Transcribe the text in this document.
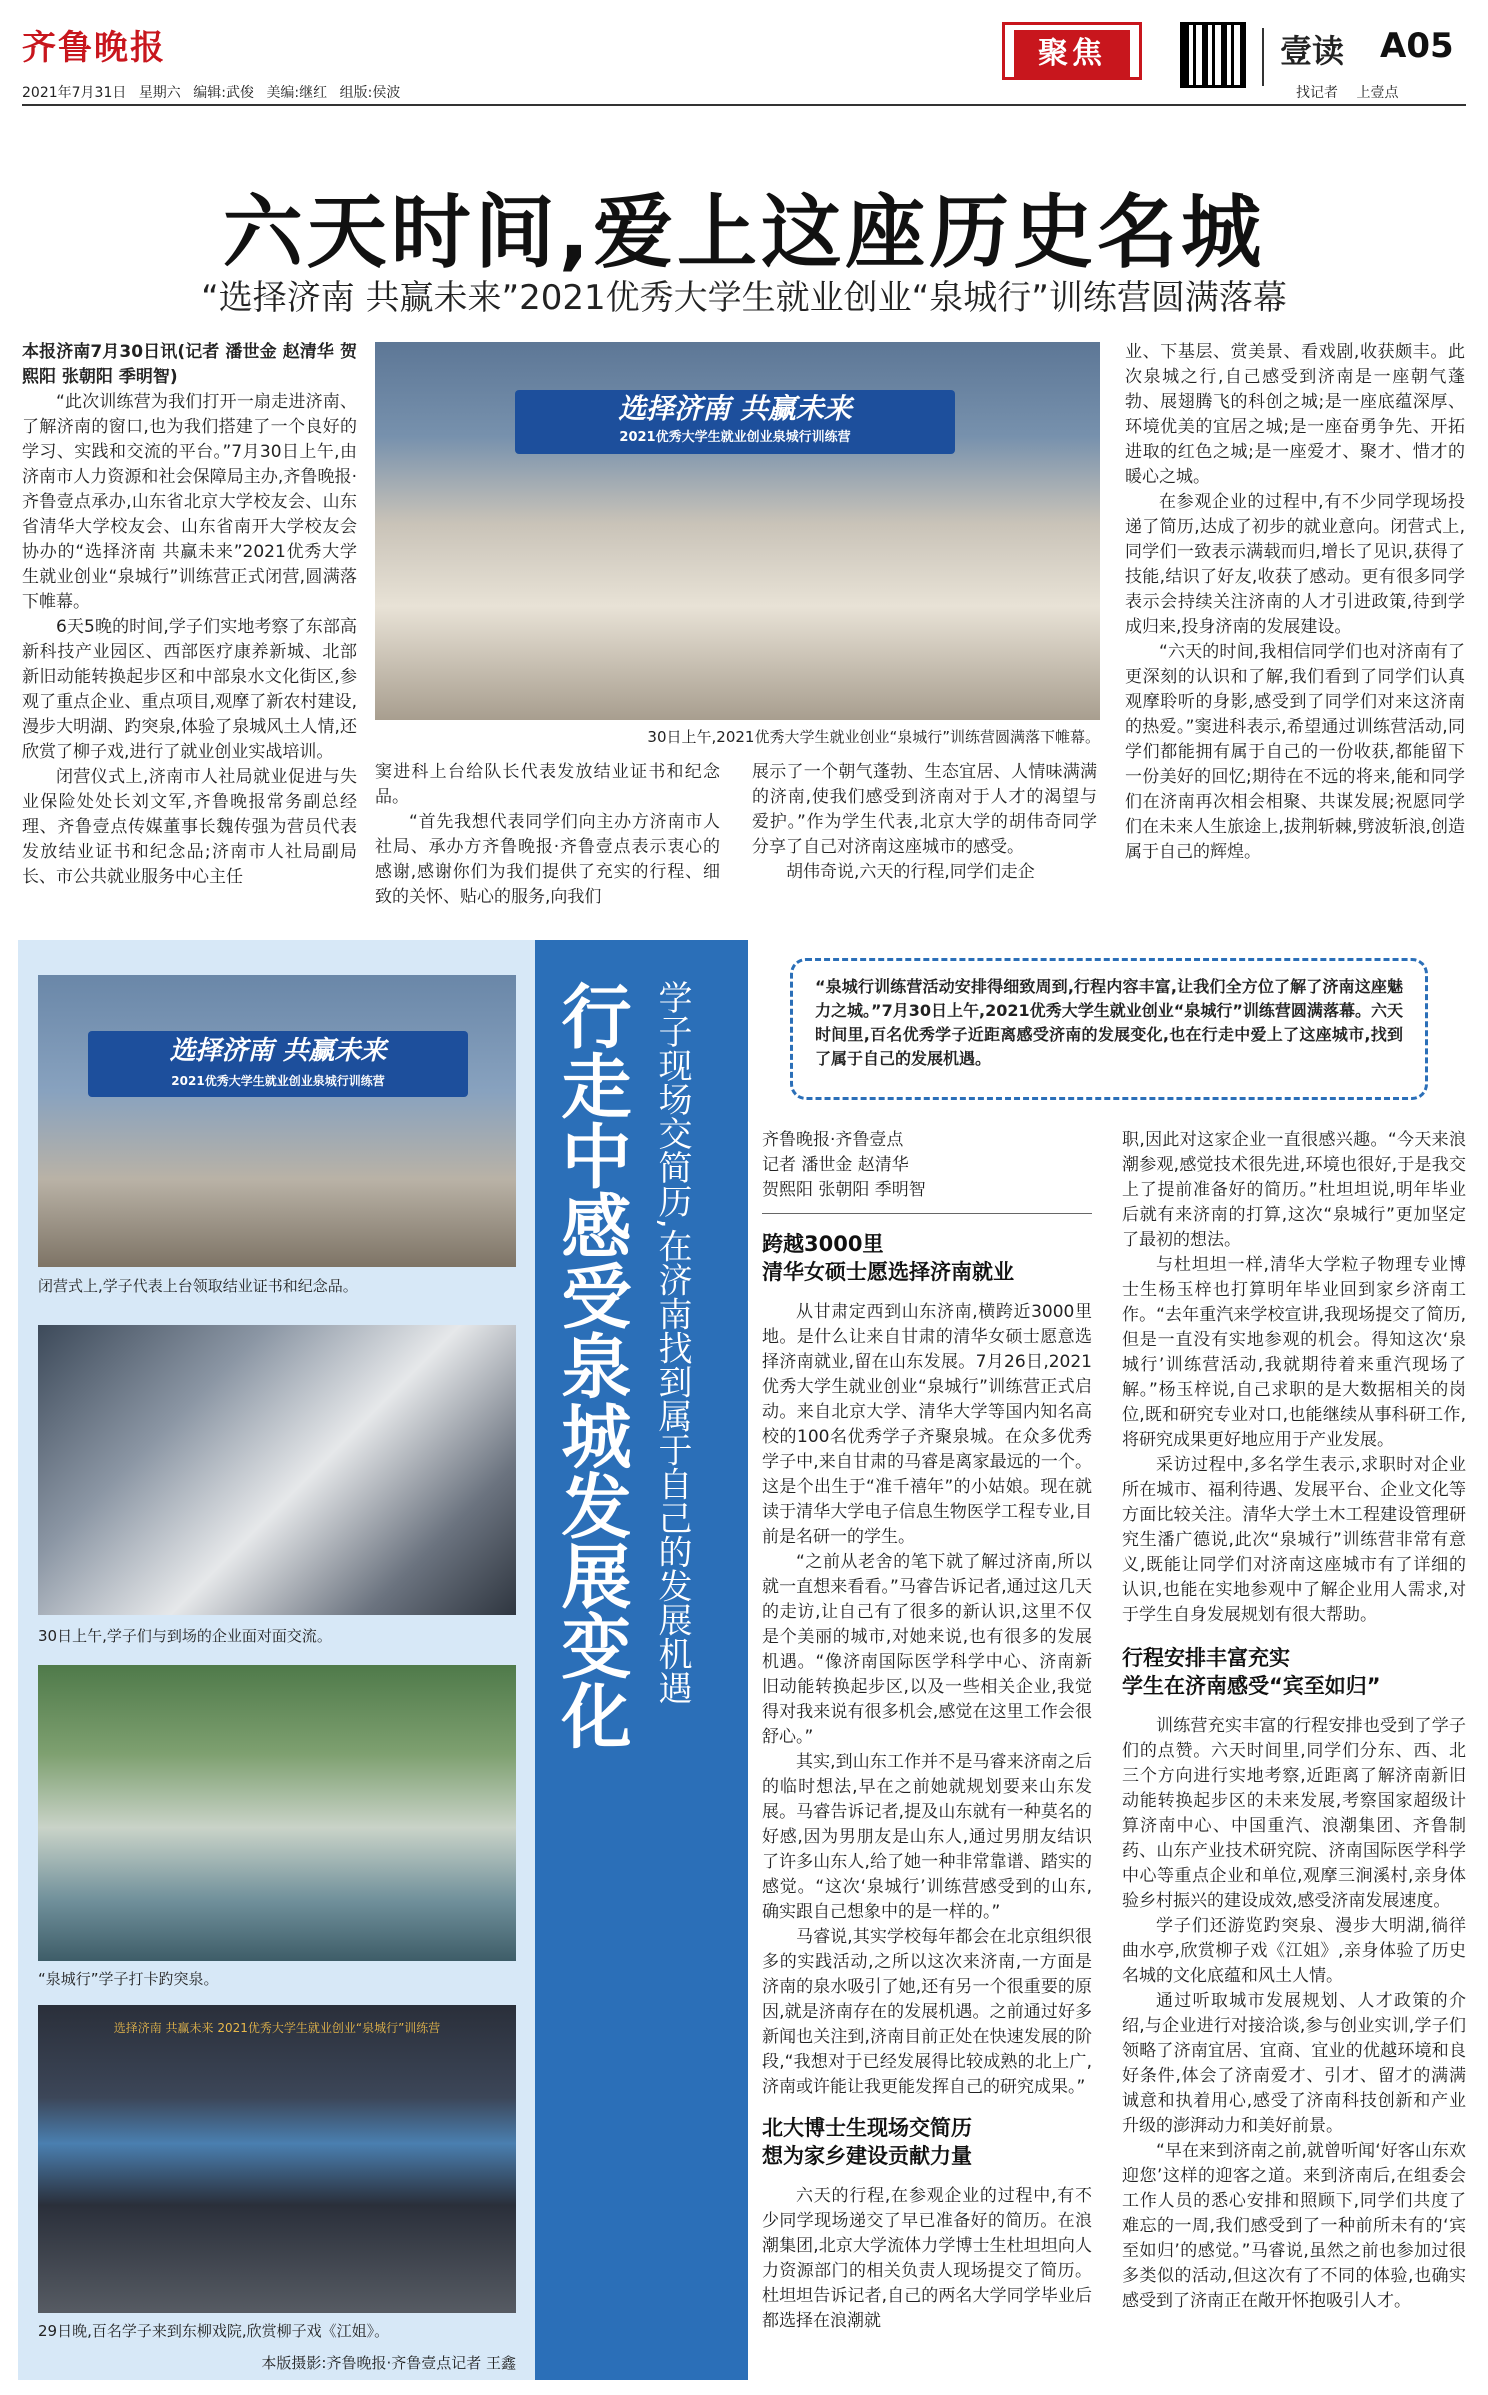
齐鲁晚报
2021年7月31日 星期六 编辑:武俊 美编:继红 组版:侯波
聚焦	壹读 A05
找记者 上壹点
六天时间,爱上这座历史名城
“选择济南 共赢未来”2021优秀大学生就业创业“泉城行”训练营圆满落幕

本报济南7月30日讯(记者 潘世金 赵清华 贺熙阳 张朝阳 季明智)

“此次训练营为我们打开一扇走进济南、了解济南的窗口,也为我们搭建了一个良好的学习、实践和交流的平台。”7月30日上午,由济南市人力资源和社会保障局主办,齐鲁晚报·齐鲁壹点承办,山东省北京大学校友会、山东省清华大学校友会、山东省南开大学校友会协办的“选择济南 共赢未来”2021优秀大学生就业创业“泉城行”训练营正式闭营,圆满落下帷幕。

6天5晚的时间,学子们实地考察了东部高新科技产业园区、西部医疗康养新城、北部新旧动能转换起步区和中部泉水文化街区,参观了重点企业、重点项目,观摩了新农村建设,漫步大明湖、趵突泉,体验了泉城风土人情,还欣赏了柳子戏,进行了就业创业实战培训。

闭营仪式上,济南市人社局就业促进与失业保险处处长刘文军,齐鲁晚报常务副总经理、齐鲁壹点传媒董事长魏传强为营员代表发放结业证书和纪念品;济南市人社局副局长、市公共就业服务中心主任

选择济南 共赢未来
2021优秀大学生就业创业泉城行训练营
30日上午,2021优秀大学生就业创业“泉城行”训练营圆满落下帷幕。

窦进科上台给队长代表发放结业证书和纪念品。

“首先我想代表同学们向主办方济南市人社局、承办方齐鲁晚报·齐鲁壹点表示衷心的感谢,感谢你们为我们提供了充实的行程、细致的关怀、贴心的服务,向我们

展示了一个朝气蓬勃、生态宜居、人情味满满的济南,使我们感受到济南对于人才的渴望与爱护。”作为学生代表,北京大学的胡伟奇同学分享了自己对济南这座城市的感受。

胡伟奇说,六天的行程,同学们走企

业、下基层、赏美景、看戏剧,收获颇丰。此次泉城之行,自己感受到济南是一座朝气蓬勃、展翅腾飞的科创之城;是一座底蕴深厚、环境优美的宜居之城;是一座奋勇争先、开拓进取的红色之城;是一座爱才、聚才、惜才的暖心之城。

在参观企业的过程中,有不少同学现场投递了简历,达成了初步的就业意向。闭营式上,同学们一致表示满载而归,增长了见识,获得了技能,结识了好友,收获了感动。更有很多同学表示会持续关注济南的人才引进政策,待到学成归来,投身济南的发展建设。

“六天的时间,我相信同学们也对济南有了更深刻的认识和了解,我们看到了同学们认真观摩聆听的身影,感受到了同学们对来这济南的热爱。”窦进科表示,希望通过训练营活动,同学们都能拥有属于自己的一份收获,都能留下一份美好的回忆;期待在不远的将来,能和同学们在济南再次相会相聚、共谋发展;祝愿同学们在未来人生旅途上,拔荆斩棘,劈波斩浪,创造属于自己的辉煌。

行走中感受泉城发展变化 学子现场交简历,在济南找到属于自己的发展机遇
选择济南 共赢未来
2021优秀大学生就业创业泉城行训练营
闭营式上,学子代表上台领取结业证书和纪念品。
30日上午,学子们与到场的企业面对面交流。
“泉城行”学子打卡趵突泉。
选择济南 共赢未来 2021优秀大学生就业创业“泉城行”训练营
29日晚,百名学子来到东柳戏院,欣赏柳子戏《江姐》。
本版摄影:齐鲁晚报·齐鲁壹点记者 王鑫
“泉城行训练营活动安排得细致周到,行程内容丰富,让我们全方位了解了济南这座魅力之城。”7月30日上午,2021优秀大学生就业创业“泉城行”训练营圆满落幕。六天时间里,百名优秀学子近距离感受济南的发展变化,也在行走中爱上了这座城市,找到了属于自己的发展机遇。
齐鲁晚报·齐鲁壹点
记者 潘世金 赵清华
贺熙阳 张朝阳 季明智
跨越3000里
清华女硕士愿选择济南就业

从甘肃定西到山东济南,横跨近3000里地。是什么让来自甘肃的清华女硕士愿意选择济南就业,留在山东发展。7月26日,2021优秀大学生就业创业“泉城行”训练营正式启动。来自北京大学、清华大学等国内知名高校的100名优秀学子齐聚泉城。在众多优秀学子中,来自甘肃的马睿是离家最远的一个。这是个出生于“准千禧年”的小姑娘。现在就读于清华大学电子信息生物医学工程专业,目前是名研一的学生。

“之前从老舍的笔下就了解过济南,所以就一直想来看看。”马睿告诉记者,通过这几天的走访,让自己有了很多的新认识,这里不仅是个美丽的城市,对她来说,也有很多的发展机遇。“像济南国际医学科学中心、济南新旧动能转换起步区,以及一些相关企业,我觉得对我来说有很多机会,感觉在这里工作会很舒心。”

其实,到山东工作并不是马睿来济南之后的临时想法,早在之前她就规划要来山东发展。马睿告诉记者,提及山东就有一种莫名的好感,因为男朋友是山东人,通过男朋友结识了许多山东人,给了她一种非常靠谱、踏实的感觉。“这次‘泉城行’训练营感受到的山东,确实跟自己想象中的是一样的。”

马睿说,其实学校每年都会在北京组织很多的实践活动,之所以这次来济南,一方面是济南的泉水吸引了她,还有另一个很重要的原因,就是济南存在的发展机遇。之前通过好多新闻也关注到,济南目前正处在快速发展的阶段,“我想对于已经发展得比较成熟的北上广,济南或许能让我更能发挥自己的研究成果。”

北大博士生现场交简历
想为家乡建设贡献力量

六天的行程,在参观企业的过程中,有不少同学现场递交了早已准备好的简历。在浪潮集团,北京大学流体力学博士生杜坦坦向人力资源部门的相关负责人现场提交了简历。杜坦坦告诉记者,自己的两名大学同学毕业后都选择在浪潮就

职,因此对这家企业一直很感兴趣。“今天来浪潮参观,感觉技术很先进,环境也很好,于是我交上了提前准备好的简历。”杜坦坦说,明年毕业后就有来济南的打算,这次“泉城行”更加坚定了最初的想法。

与杜坦坦一样,清华大学粒子物理专业博士生杨玉梓也打算明年毕业回到家乡济南工作。“去年重汽来学校宣讲,我现场提交了简历,但是一直没有实地参观的机会。得知这次‘泉城行’训练营活动,我就期待着来重汽现场了解。”杨玉梓说,自己求职的是大数据相关的岗位,既和研究专业对口,也能继续从事科研工作,将研究成果更好地应用于产业发展。

采访过程中,多名学生表示,求职时对企业所在城市、福利待遇、发展平台、企业文化等方面比较关注。清华大学土木工程建设管理研究生潘广德说,此次“泉城行”训练营非常有意义,既能让同学们对济南这座城市有了详细的认识,也能在实地参观中了解企业用人需求,对于学生自身发展规划有很大帮助。

行程安排丰富充实
学生在济南感受“宾至如归”

训练营充实丰富的行程安排也受到了学子们的点赞。六天时间里,同学们分东、西、北三个方向进行实地考察,近距离了解济南新旧动能转换起步区的未来发展,考察国家超级计算济南中心、中国重汽、浪潮集团、齐鲁制药、山东产业技术研究院、济南国际医学科学中心等重点企业和单位,观摩三涧溪村,亲身体验乡村振兴的建设成效,感受济南发展速度。

学子们还游览趵突泉、漫步大明湖,徜徉曲水亭,欣赏柳子戏《江姐》,亲身体验了历史名城的文化底蕴和风土人情。

通过听取城市发展规划、人才政策的介绍,与企业进行对接洽谈,参与创业实训,学子们领略了济南宜居、宜商、宜业的优越环境和良好条件,体会了济南爱才、引才、留才的满满诚意和执着用心,感受了济南科技创新和产业升级的澎湃动力和美好前景。

“早在来到济南之前,就曾听闻‘好客山东欢迎您’这样的迎客之道。来到济南后,在组委会工作人员的悉心安排和照顾下,同学们共度了难忘的一周,我们感受到了一种前所未有的‘宾至如归’的感觉。”马睿说,虽然之前也参加过很多类似的活动,但这次有了不同的体验,也确实感受到了济南正在敞开怀抱吸引人才。
